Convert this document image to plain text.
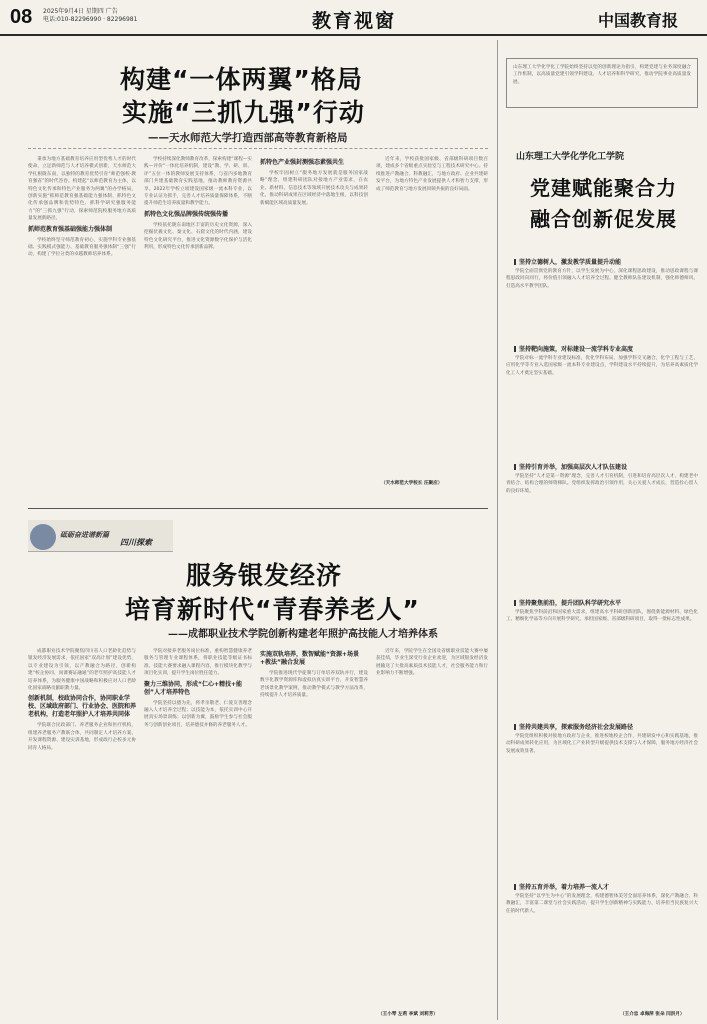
08 2025年9月4日 星期四 广告
电话:010-82296990 · 82296981	教育视窗	中国教育报
构建“一体两翼”格局
实施“三抓九强”行动
——天水师范大学打造西部高等教育新格局

秉承为地方基础教育培养应用型优秀人才的时代使命，立足新师范与人才培养模式创新，天水师范大学扎根陇东南，以独特的教育优势引育“师范强校·教育强省”的时代答卷。构建起“以师范教育为主体，以特色文化传承和特色产业服务为两翼”的办学格局，创新实施“抓师范教育强基础能力强体制、抓特色文化传承强品牌和优势特色、抓科学研究强服务能力”的“三抓九强”行动，探索师范院校服务地方高质量发展新路径。

抓师范教育强基础强能力强体制

学校始终坚守师范教育初心，实施学科专业强基础、实践模式强能力、基础教育服务强体制“三强”行动，构建了学位分类的卓越教师培养体系。

学校持续深化教师教育改革，探索构建“课程—实践—评价”一体化培养机制，建设“教、学、研、训、评”五位一体的教师发展支持体系，与省内多地教育部门共建基础教育实践基地，推动教师教育资源共享。2022年学校立项建设国家级一流本科专业，以专业认证为抓手，完善人才培养质量保障体系，不断提升师范生培养质量和教学能力。

抓特色文化强品牌强传统强传播

学校依托陇东南地区丰富的历史文化资源，深入挖掘伏羲文化、秦文化、石窟文化的时代内涵，建设特色文化研究平台，推进文化资源数字化保护与活化利用，形成特色文化传承创新品牌。

抓特色产业强封测强态素强共生

学校牢固树立“服务地方发展就是服务国家战略”理念，组建科研团队对接地方产业需求，在农业、新材料、信息技术等领域开展技术攻关与成果转化，推动科研成果在区域经济中落地生根，以科技创新赋能区域高质量发展。

近年来，学校获批国家级、省部级科研项目数百项，建成多个省级重点实验室与工程技术研究中心。持续推进产教融合、科教融汇，与地方政府、企业共建研发平台，为地方特色产业发展提供人才和智力支撑，形成了师范教育与地方发展同频共振的良好局面。

（天水师范大学校长 汪聚应）
砥砺奋进谱新篇
四川探索
服务银发经济
培育新时代“青春养老人”
——成都职业技术学院创新构建老年照护高技能人才培养体系

成都职业技术学院聚焦四川省人口老龄化趋势与银发经济发展需求，依托国家“双高计划”建设优势，以专业建设为引领，以产教融合为路径，创新构建“校企协同、岗课赛证融通”的老年照护高技能人才培养体系，为服务健康中国战略和积极应对人口老龄化国家战略贡献职教力量。

创新机制，校政协同合作，协同职业学校、区域政府部门、行业协会、医院和养老机构，打造老年照护人才培养共同体

学院联合民政部门、养老服务企业和医疗机构，组建养老服务产教联合体，共同制定人才培养方案、开发课程资源、建设实训基地，形成政行企校多元协同育人格局。

学院对接养老服务岗位标准，重构智慧健康养老服务与管理专业课程体系，将职业技能等级证书标准、技能大赛要求融入课程内容，推行模块化教学与项目化实训，提升学生岗位胜任能力。

聚力三维协同，形成“仁心+精技+能创”人才培养特色

学院坚持以德为先，将孝亲敬老、仁爱友善理念融入人才培养全过程；以技能为本，依托实训中心开展真实场景训练；以创新为翼，鼓励学生参与社会服务与创新创业项目，培养德技并修的养老服务人才。

实施双轨培养，数智赋能“资源+场景+教法”融合发展

学院推进现代学徒制与订单培养双轨并行，建设数字化教学资源库和虚拟仿真实训平台，开发智慧养老场景化教学案例，推动教学模式与教学方法改革，持续提升人才培养质量。

近年来，学院学生在全国及省级职业技能大赛中屡获佳绩，毕业生深受行业企业欢迎，为区域银发经济发展输送了大批高素质技术技能人才，社会服务能力和行业影响力不断增强。

（王小琴 左莉 李斌 刘莉芳）
山东理工大学化学化工学院始终坚持以党的创新理论为指引，构建党建与业务深度融合工作机制，以高质量党建引领学科建设、人才培养和科学研究，推动学院事业高质量发展。
山东理工大学化学化工学院
党建赋能聚合力
融合创新促发展
坚持立德树人，激发教学质量提升动能
学院全面贯彻党的教育方针，以学生发展为中心，深化课程思政建设，推动思政课程与课程思政同向同行，将价值引领融入人才培养全过程。健全教师队伍建设机制，强化师德师风，打造高水平教学团队。
坚持靶向施策，对标建设一流学科专业高度
学院对标一流学科专业建设标准，优化学科布局，加强学科交叉融合，化学工程与工艺、应用化学等专业入选国家级一流本科专业建设点，学科建设水平持续提升，为培养高素质化学化工人才奠定坚实基础。
坚持引育并举，加强高层次人才队伍建设
学院坚持“人才是第一资源”理念，完善人才引育机制，引进和培育高层次人才，构建老中青结合、结构合理的师资梯队。党组织发挥政治引领作用，关心关爱人才成长，营造拴心留人的良好环境。
坚持聚焦前沿，提升团队科学研究水平
学院聚焦学科前沿和国家重大需求，组建高水平科研创新团队，围绕新能源材料、绿色化工、精细化学品等方向开展科学研究，承担国家级、省部级科研项目，取得一批标志性成果。
坚持共建共享，探索服务经济社会发展路径
学院党组织积极对接地方政府与企业，推进校地校企合作，共建研发中心和实践基地，推动科研成果转化应用，为区域化工产业转型升级提供技术支撑与人才保障，服务地方经济社会发展成效显著。
坚持五育并举，着力培养一流人才
学院坚持“以学生为中心”的发展理念，构建德智体美劳全面培养体系，深化产教融合、科教融汇，丰富第二课堂与社会实践活动，提升学生创新精神与实践能力，培养担当民族复兴大任的时代新人。
（王介忠 卓海萍 张朵 闫洪月）
